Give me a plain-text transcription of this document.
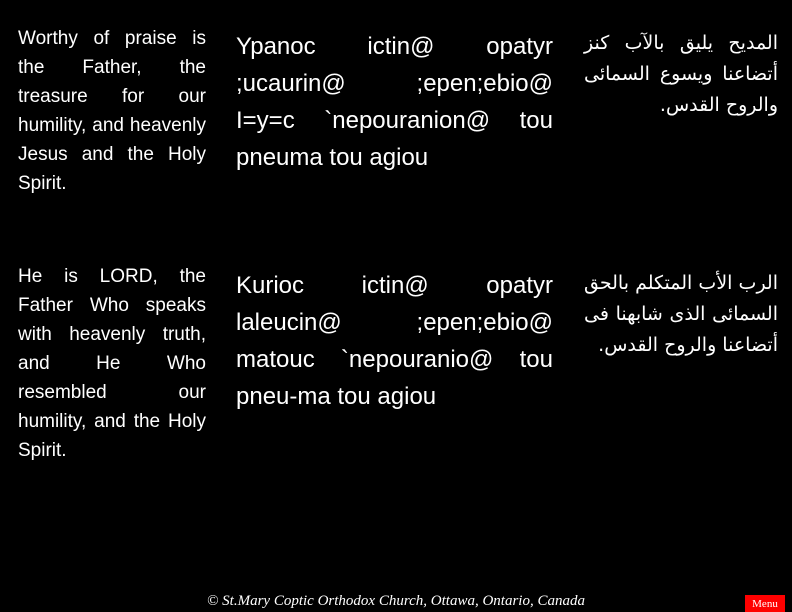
Worthy of praise is the Father, the treasure for our humility, and heavenly Jesus and the Holy Spirit.
Ypanoc ictin@ opatyr ;ucaurin@ ;epen;ebio@ I=y=c `nepouranion@ tou pneuma tou agiou
المديح يليق بالآب كنز أتضاعنا ويسوع السمائى والروح القدس.
He is LORD, the Father Who speaks with heavenly truth, and He Who resembled our humility, and the Holy Spirit.
Kurioc ictin@ opatyr laleucin@ ;epen;ebio@ matouc `nepouranio@ tou pneu-ma tou agiou
الرب الأب المتكلم بالحق السمائى الذى شابهنا فى أتضاعنا والروح القدس.
© St.Mary Coptic Orthodox Church, Ottawa, Ontario, Canada	Menu
